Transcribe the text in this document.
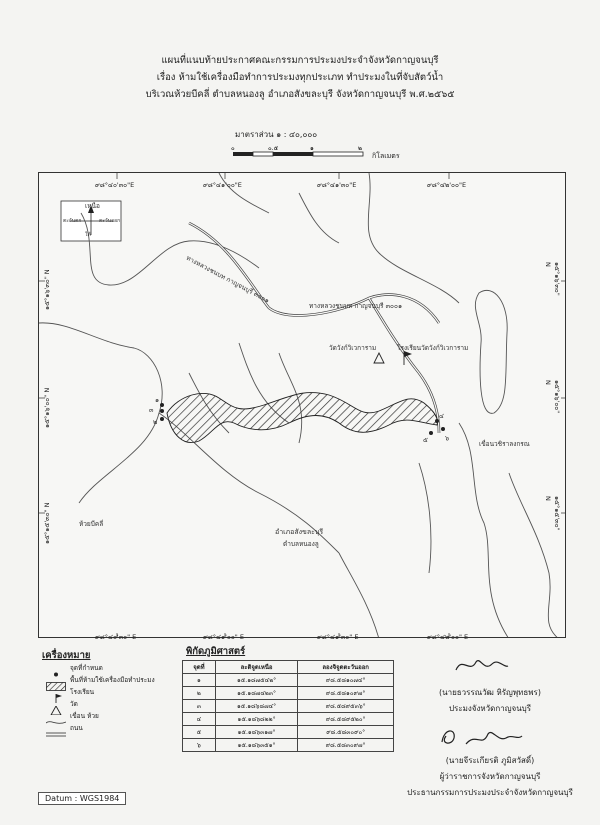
แผนที่แนบท้ายประกาศคณะกรรมการประมงประจำจังหวัดกาญจนบุรี
เรื่อง ห้ามใช้เครื่องมือทำการประมงทุกประเภท ทำประมงในที่จับสัตว์น้ำ
บริเวณห้วยบีคลี่ ตำบลหนองลู อำเภอสังขละบุรี จังหวัดกาญจนบุรี พ.ศ.๒๕๖๕
มาตราส่วน ๑ : ๔๐,๐๐๐
๐	๐.๕	๑	๒
กิโลเมตร
เหนือ
ตะวันตก	ตะวันออก
ใต้
ทางหลวงชนบท กาญจนบุรี ๓๐๐๑
ทางหลวงชนบท กาญจนบุรี ๓๐๐๑
วัดวังก์วิเวการาม	โรงเรียนวัดวังก์วิเวการาม
เขื่อนวชิราลงกรณ
ห้วยบีคลี่
อำเภอสังขละบุรี
ตำบลหนองลู
๑
๒
๓
๔
๕	๖
๙๘°๔๐'๓๐"E	๙๘°๔๑'๐๐"E	๙๘°๔๑'๓๐"E	๙๘°๔๒'๐๐"E
๙๘°๔๐'๓๐" E	๙๘°๔๑'๐๐" E	๙๘°๔๑'๓๐" E	๙๘°๔๒'๐๐" E
๑๕°๑๖'๓๐" N
๑๕°๑๖'๐๐" N
๑๕°๑๕'๓๐" N
๑๕°๑๖'๓๐" N
๑๕°๑๖'๐๐" N
๑๕°๑๕'๓๐" N
เครื่องหมาย
จุดที่กำหนด
พื้นที่ห้ามใช้เครื่องมือทำประมง
โรงเรียน
วัด
เขื่อน ห้วย
ถนน
พิกัดภูมิศาสตร์
จุดที่	ละติจูดเหนือ	ลองจิจูดตะวันออก
๑	๑๕.๑๘๗๕๔๒°	๙๘.๕๘๑๐๗๔°
๒	๑๕.๑๘๗๔๒๓°	๙๘.๕๘๑๐๙๗°
๓	๑๕.๑๘๖๘๗๔°	๙๘.๕๘๙๕๓๖°
๔	๑๕.๑๘๖๘๒๒°	๙๘.๕๘๙๕๒๐°
๕	๑๕.๑๘๖๓๑๗°	๙๘.๕๘๓๐๙๐°
๖	๑๕.๑๘๖๓๕๑°	๙๘.๕๘๓๐๙๗°
(นายธวรรณวัฒ หิรัญพุทธพร)
ประมงจังหวัดกาญจนบุรี
(นายจีระเกียรติ ภูมิสวัสดิ์)
ผู้ว่าราชการจังหวัดกาญจนบุรี
ประธานกรรมการประมงประจำจังหวัดกาญจนบุรี
Datum : WGS1984
